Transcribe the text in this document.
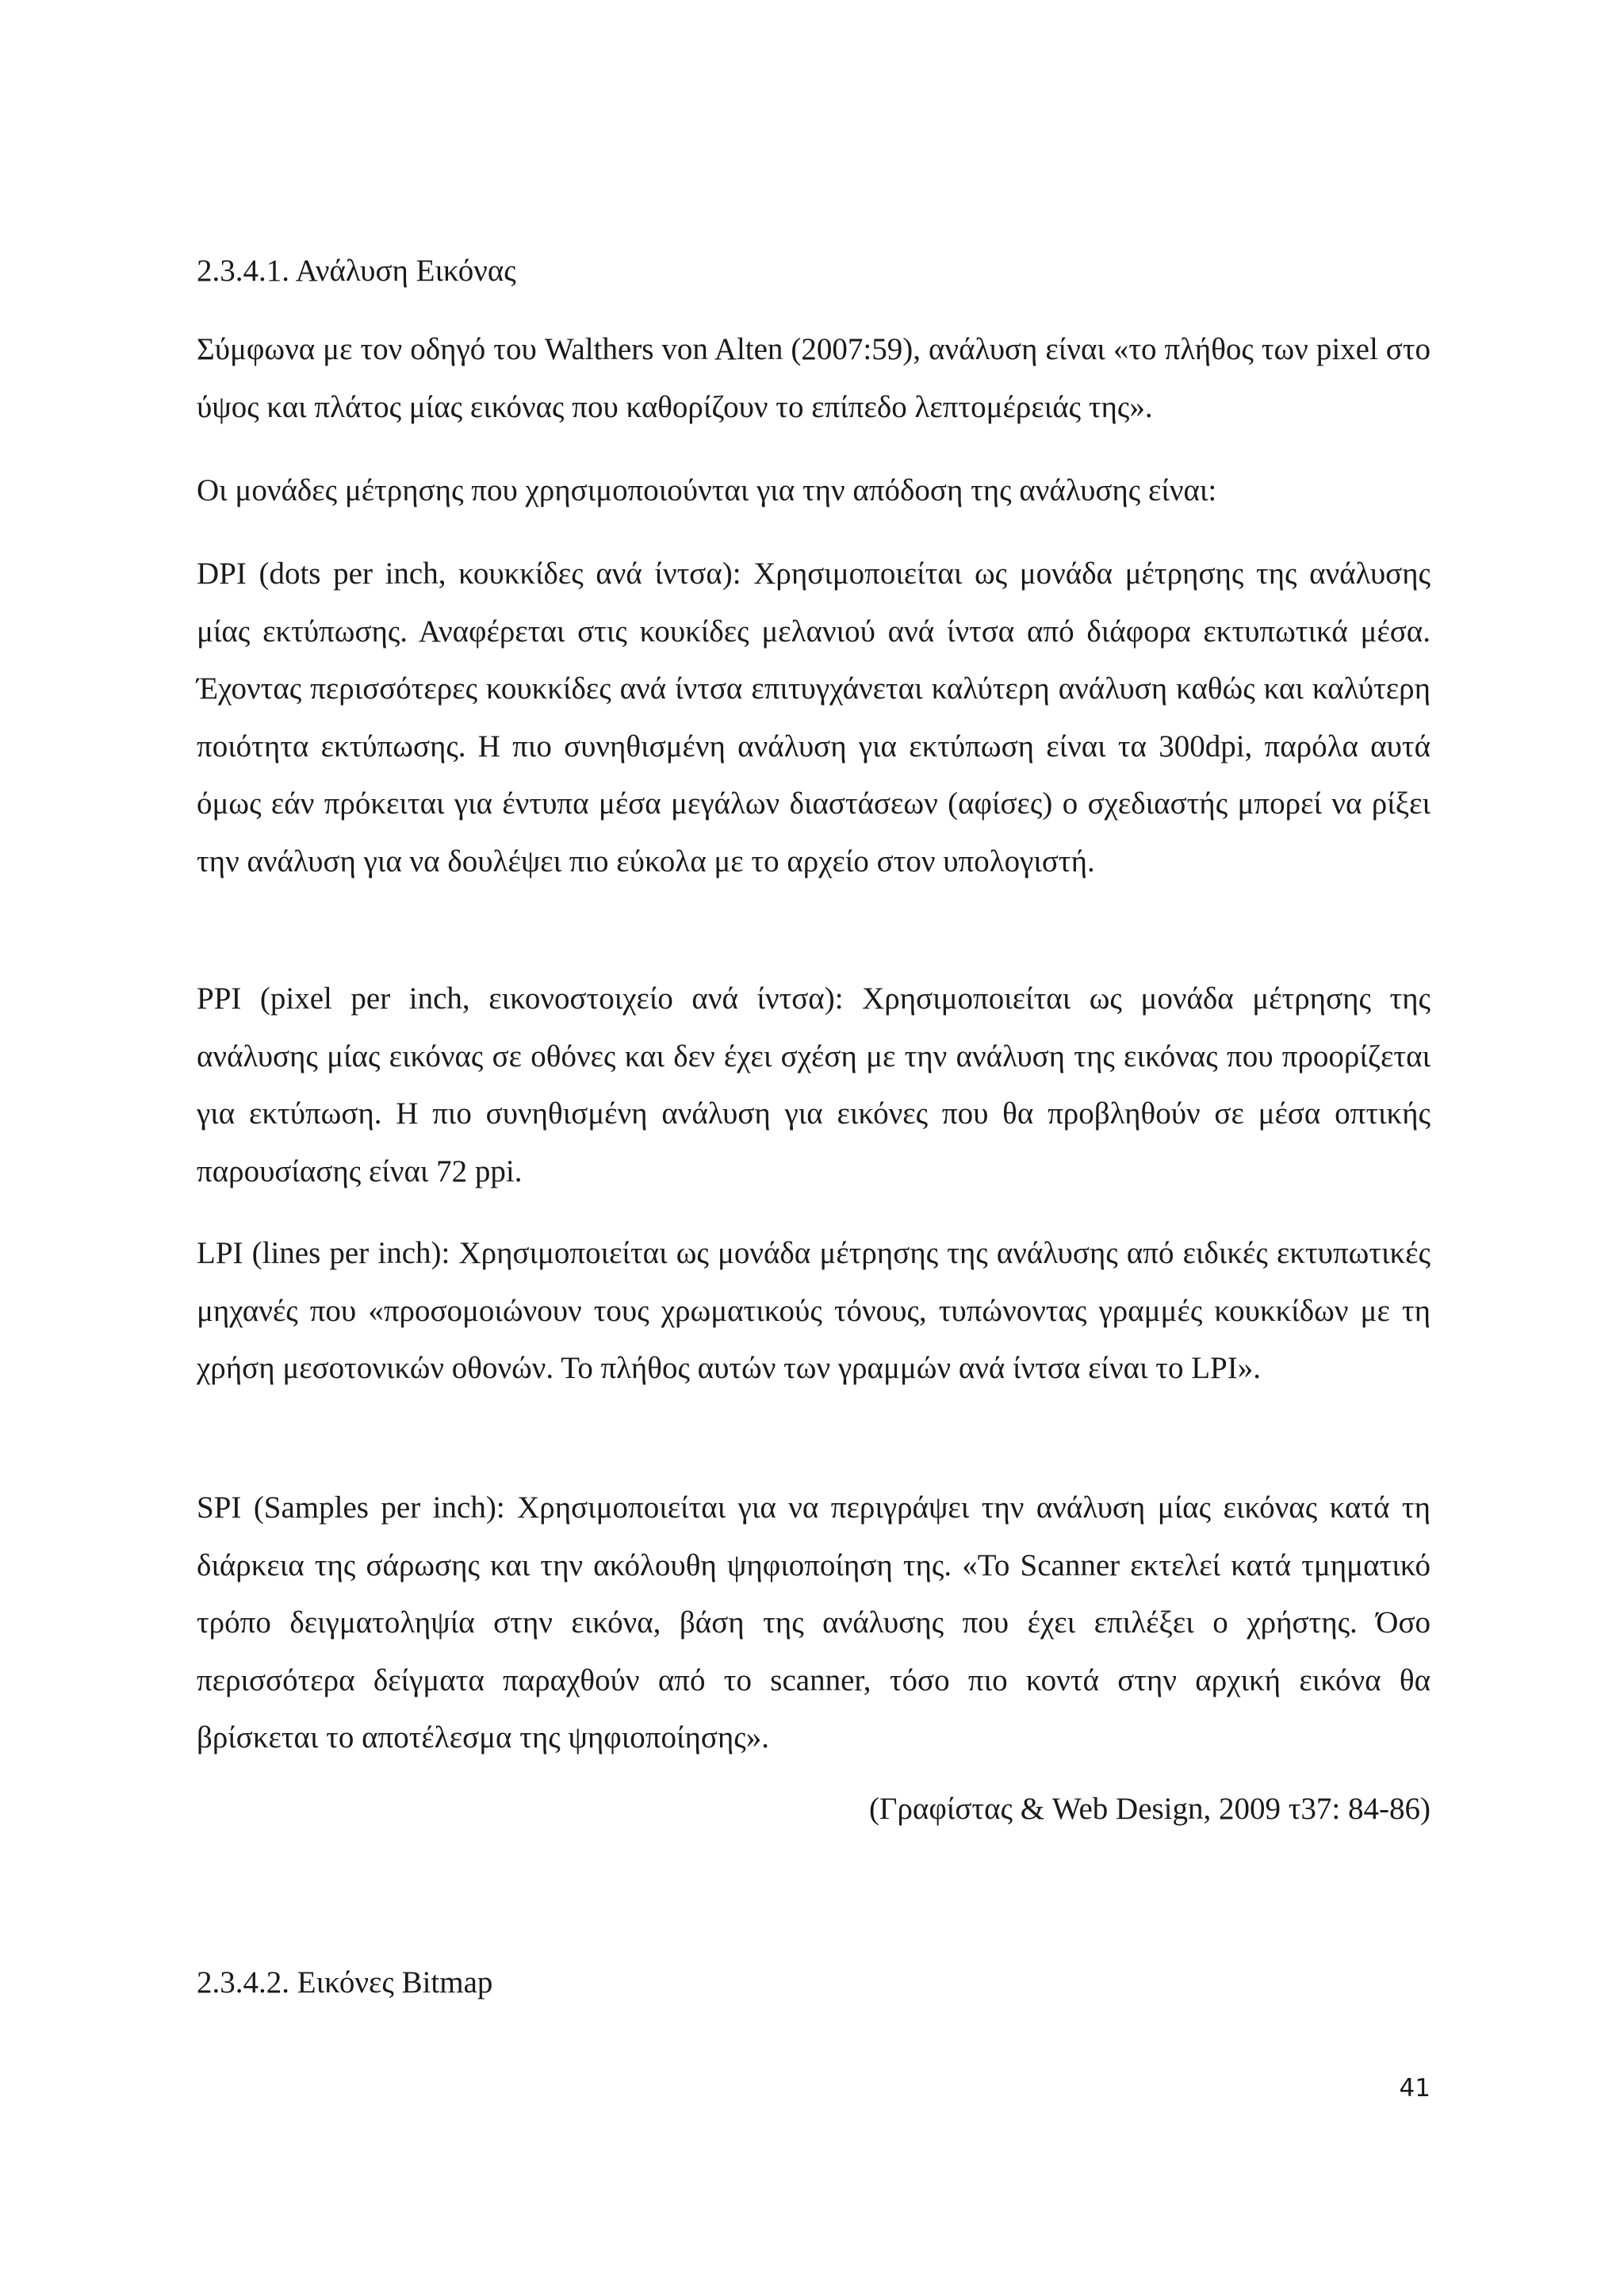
2.3.4.1. Ανάλυση Εικόνας
Σύμφωνα με τον οδηγό του Walthers von Alten (2007:59), ανάλυση είναι «το πλήθος των pixel στο ύψος και πλάτος μίας εικόνας που καθορίζουν το επίπεδο λεπτομέρειάς της».
Οι μονάδες μέτρησης που χρησιμοποιούνται για την απόδοση της ανάλυσης είναι:
DPI (dots per inch, κουκκίδες ανά ίντσα): Χρησιμοποιείται ως μονάδα μέτρησης της ανάλυσης μίας εκτύπωσης. Αναφέρεται στις κουκίδες μελανιού ανά ίντσα από διάφορα εκτυπωτικά μέσα. Έχοντας περισσότερες κουκκίδες ανά ίντσα επιτυγχάνεται καλύτερη ανάλυση καθώς και καλύτερη ποιότητα εκτύπωσης. Η πιο συνηθισμένη ανάλυση για εκτύπωση είναι τα 300dpi, παρόλα αυτά όμως εάν πρόκειται για έντυπα μέσα μεγάλων διαστάσεων (αφίσες) ο σχεδιαστής μπορεί να ρίξει την ανάλυση για να δουλέψει πιο εύκολα με το αρχείο στον υπολογιστή.
PPI (pixel per inch, εικονοστοιχείο ανά ίντσα): Χρησιμοποιείται ως μονάδα μέτρησης της ανάλυσης μίας εικόνας σε οθόνες και δεν έχει σχέση με την ανάλυση της εικόνας που προορίζεται για εκτύπωση. Η πιο συνηθισμένη ανάλυση για εικόνες που θα προβληθούν σε μέσα οπτικής παρουσίασης είναι 72 ppi.
LPI (lines per inch): Χρησιμοποιείται ως μονάδα μέτρησης της ανάλυσης από ειδικές εκτυπωτικές μηχανές που «προσομοιώνουν τους χρωματικούς τόνους, τυπώνοντας γραμμές κουκκίδων με τη χρήση μεσοτονικών οθονών. Το πλήθος αυτών των γραμμών ανά ίντσα είναι το LPI».
SPI (Samples per inch): Χρησιμοποιείται για να περιγράψει την ανάλυση μίας εικόνας κατά τη διάρκεια της σάρωσης και την ακόλουθη ψηφιοποίηση της. «Το Scanner εκτελεί κατά τμηματικό τρόπο δειγματοληψία στην εικόνα, βάση της ανάλυσης που έχει επιλέξει ο χρήστης. Όσο περισσότερα δείγματα παραχθούν από το scanner, τόσο πιο κοντά στην αρχική εικόνα θα βρίσκεται το αποτέλεσμα της ψηφιοποίησης».
(Γραφίστας & Web Design, 2009 τ37: 84-86)
2.3.4.2. Εικόνες Bitmap
41
